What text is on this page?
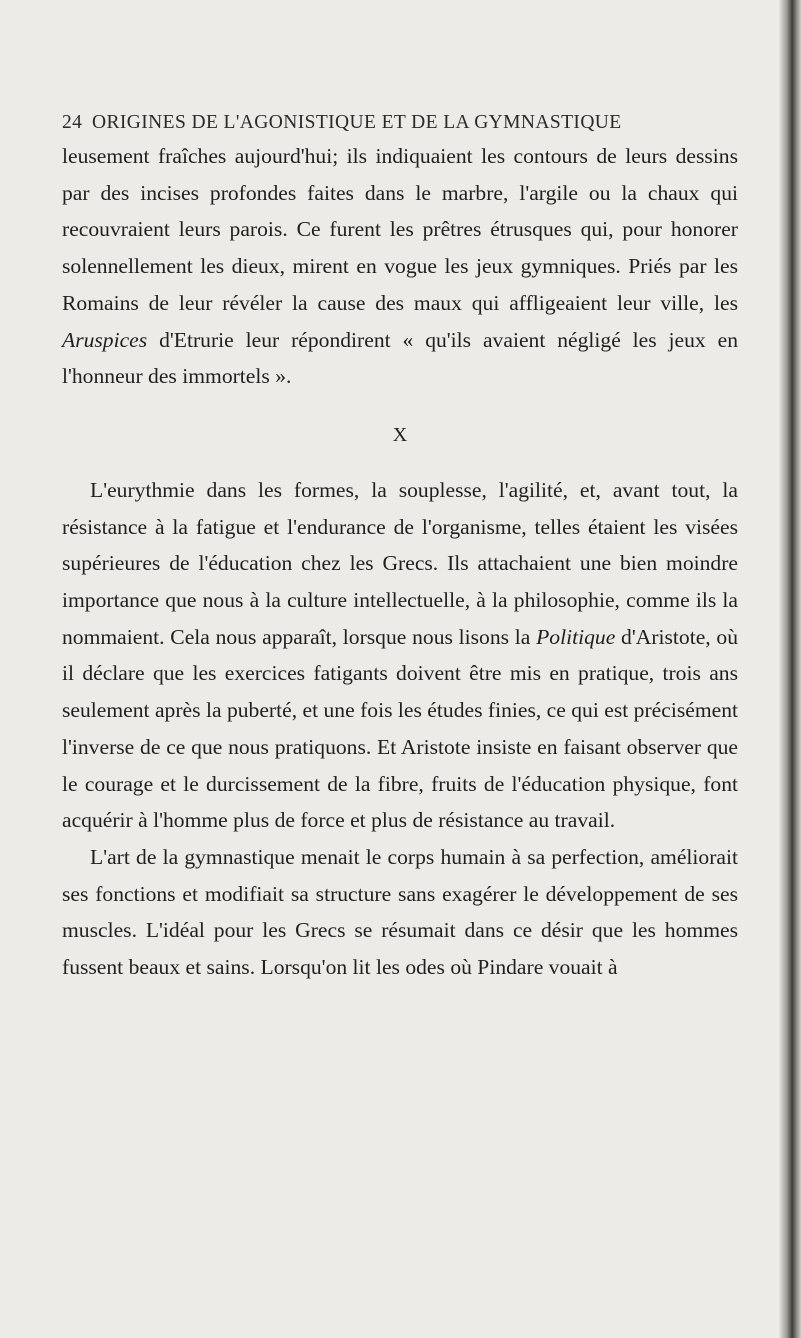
24 ORIGINES DE L'AGONISTIQUE ET DE LA GYMNASTIQUE

leusement fraîches aujourd'hui; ils indiquaient les contours de leurs dessins par des incises profondes faites dans le marbre, l'argile ou la chaux qui recouvraient leurs parois. Ce furent les prêtres étrusques qui, pour honorer solennellement les dieux, mirent en vogue les jeux gymniques. Priés par les Romains de leur révéler la cause des maux qui affligeaient leur ville, les Aruspices d'Etrurie leur répondirent « qu'ils avaient négligé les jeux en l'honneur des immortels ».

X

L'eurythmie dans les formes, la souplesse, l'agilité, et, avant tout, la résistance à la fatigue et l'endurance de l'organisme, telles étaient les visées supérieures de l'éducation chez les Grecs. Ils attachaient une bien moindre importance que nous à la culture intellectuelle, à la philosophie, comme ils la nommaient. Cela nous apparaît, lorsque nous lisons la Politique d'Aristote, où il déclare que les exercices fatigants doivent être mis en pratique, trois ans seulement après la puberté, et une fois les études finies, ce qui est précisément l'inverse de ce que nous pratiquons. Et Aristote insiste en faisant observer que le courage et le durcissement de la fibre, fruits de l'éducation physique, font acquérir à l'homme plus de force et plus de résistance au travail.

L'art de la gymnastique menait le corps humain à sa perfection, améliorait ses fonctions et modifiait sa structure sans exagérer le développement de ses muscles. L'idéal pour les Grecs se résumait dans ce désir que les hommes fussent beaux et sains. Lorsqu'on lit les odes où Pindare vouait à
